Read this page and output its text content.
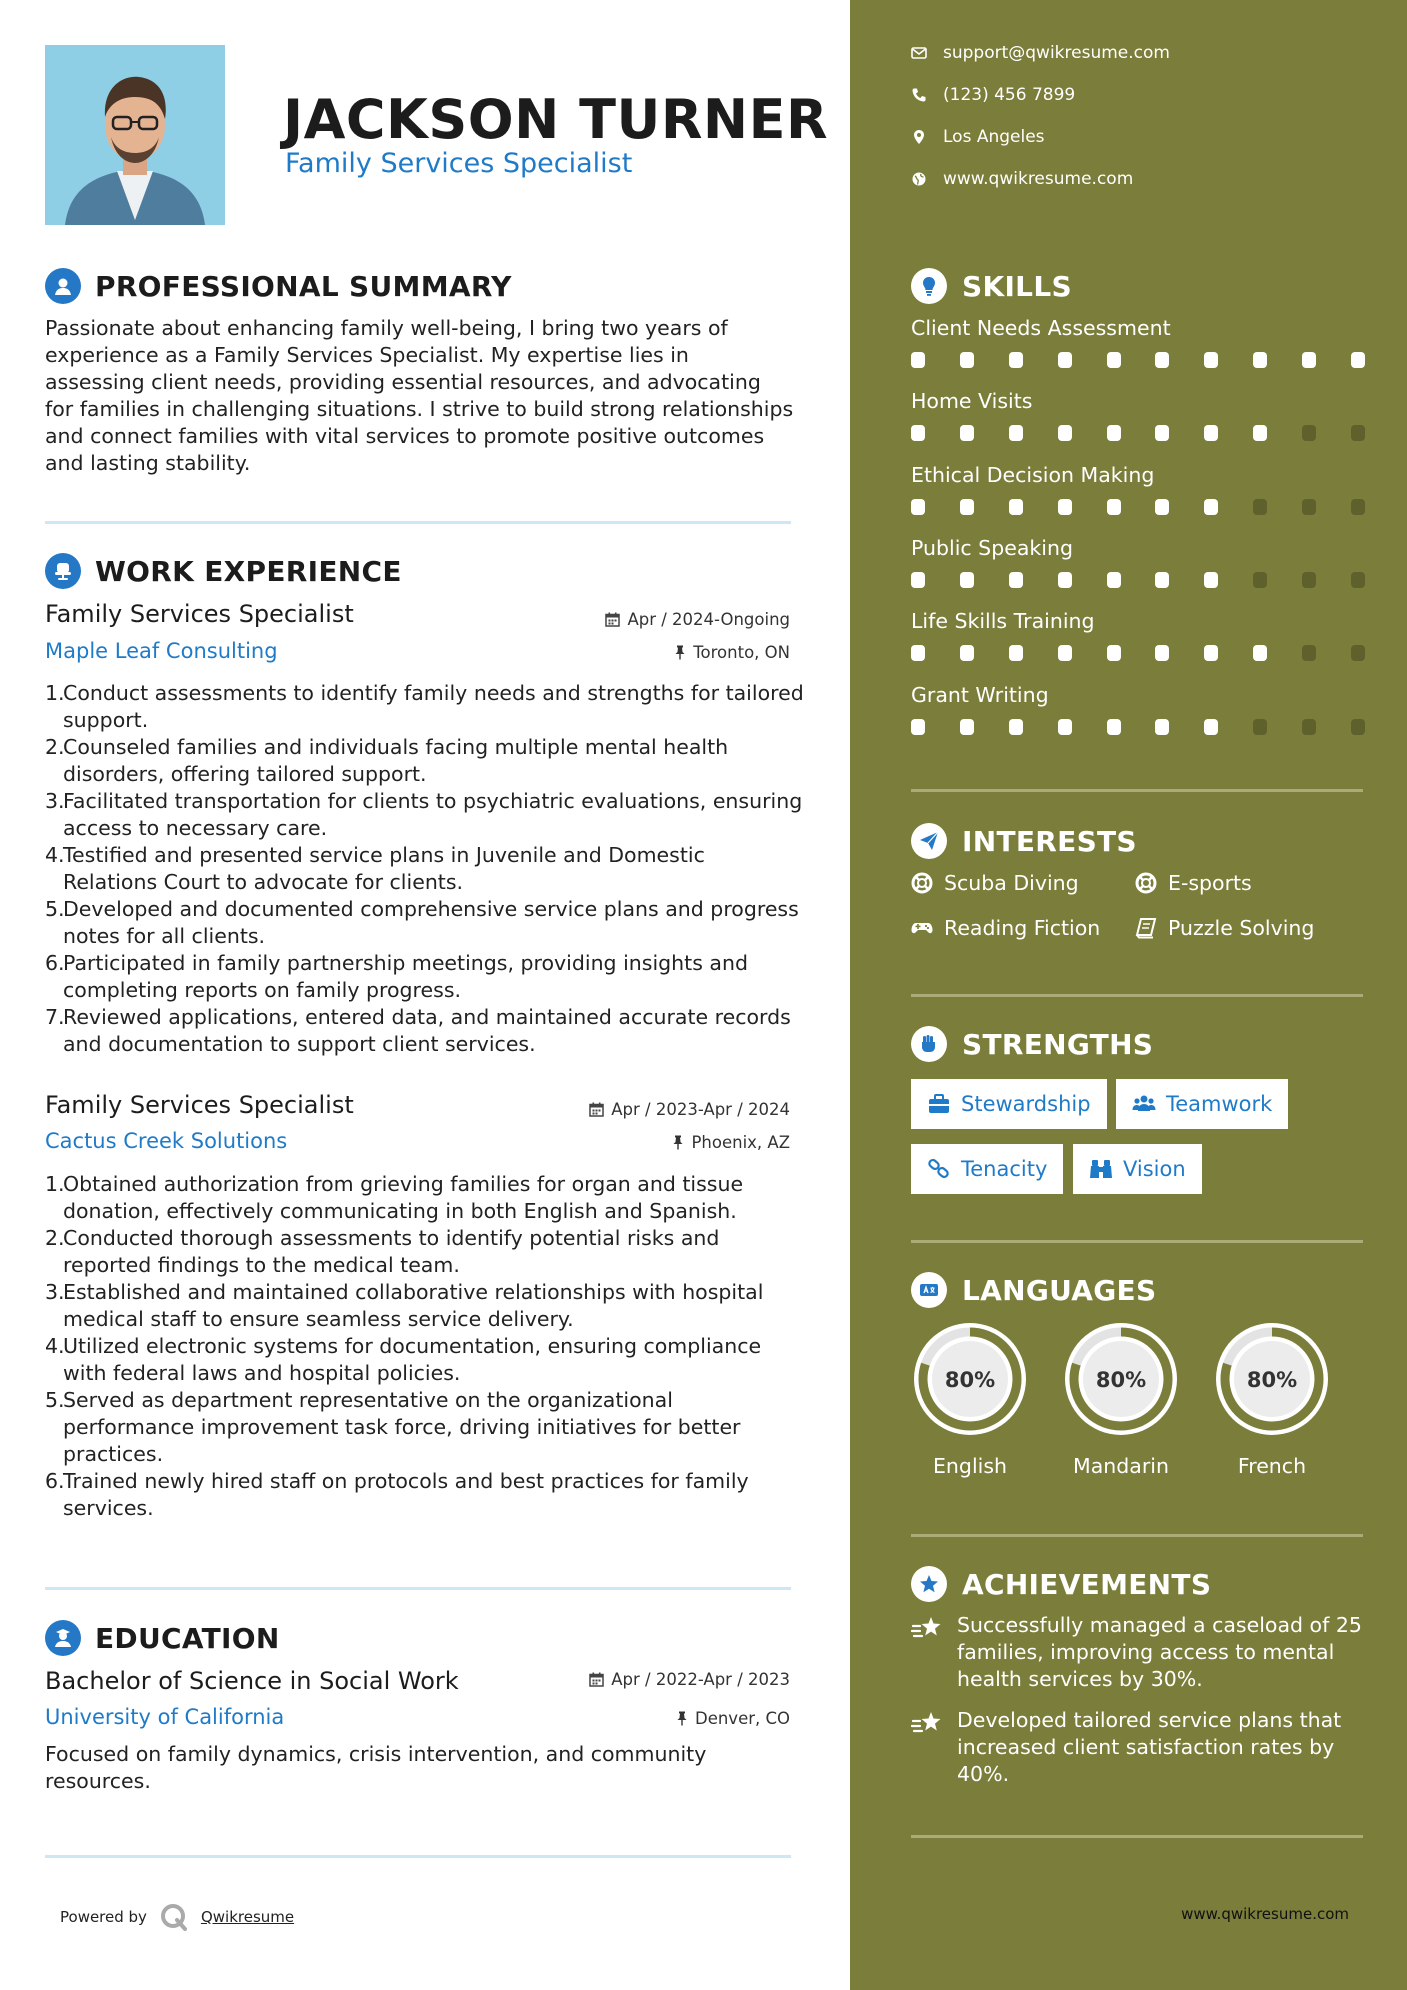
JACKSON TURNER
Family Services Specialist
PROFESSIONAL SUMMARY
Passionate about enhancing family well-being, I bring two years of experience as a Family Services Specialist. My expertise lies in assessing client needs, providing essential resources, and advocating for families in challenging situations. I strive to build strong relationships and connect families with vital services to promote positive outcomes and lasting stability.
WORK EXPERIENCE
Family Services Specialist	Apr / 2024-Ongoing
Maple Leaf Consulting	Toronto, ON
1.
Conduct assessments to identify family needs and strengths for tailored support.
2.
Counseled families and individuals facing multiple mental health disorders, offering tailored support.
3.
Facilitated transportation for clients to psychiatric evaluations, ensuring access to necessary care.
4.
Testified and presented service plans in Juvenile and Domestic Relations Court to advocate for clients.
5.
Developed and documented comprehensive service plans and progress notes for all clients.
6.
Participated in family partnership meetings, providing insights and completing reports on family progress.
7.
Reviewed applications, entered data, and maintained accurate records and documentation to support client services.
Family Services Specialist	Apr / 2023-Apr / 2024
Cactus Creek Solutions	Phoenix, AZ
1.
Obtained authorization from grieving families for organ and tissue donation, effectively communicating in both English and Spanish.
2.
Conducted thorough assessments to identify potential risks and reported findings to the medical team.
3.
Established and maintained collaborative relationships with hospital medical staff to ensure seamless service delivery.
4.
Utilized electronic systems for documentation, ensuring compliance with federal laws and hospital policies.
5.
Served as department representative on the organizational performance improvement task force, driving initiatives for better practices.
6.
Trained newly hired staff on protocols and best practices for family services.
EDUCATION
Bachelor of Science in Social Work	Apr / 2022-Apr / 2023
University of California	Denver, CO
Focused on family dynamics, crisis intervention, and community resources.
Powered by	Qwikresume
support@qwikresume.com
(123) 456 7899
Los Angeles
www.qwikresume.com
SKILLS
Client Needs Assessment
Home Visits
Ethical Decision Making
Public Speaking
Life Skills Training
Grant Writing
INTERESTS
Scuba Diving	E-sports
Reading Fiction	Puzzle Solving
STRENGTHS
Stewardship	Teamwork
Tenacity	Vision
LANGUAGES
80%
English
80%
Mandarin
80%
French
ACHIEVEMENTS
Successfully managed a caseload of 25 families, improving access to mental health services by 30%.
Developed tailored service plans that increased client satisfaction rates by 40%.
www.qwikresume.com
